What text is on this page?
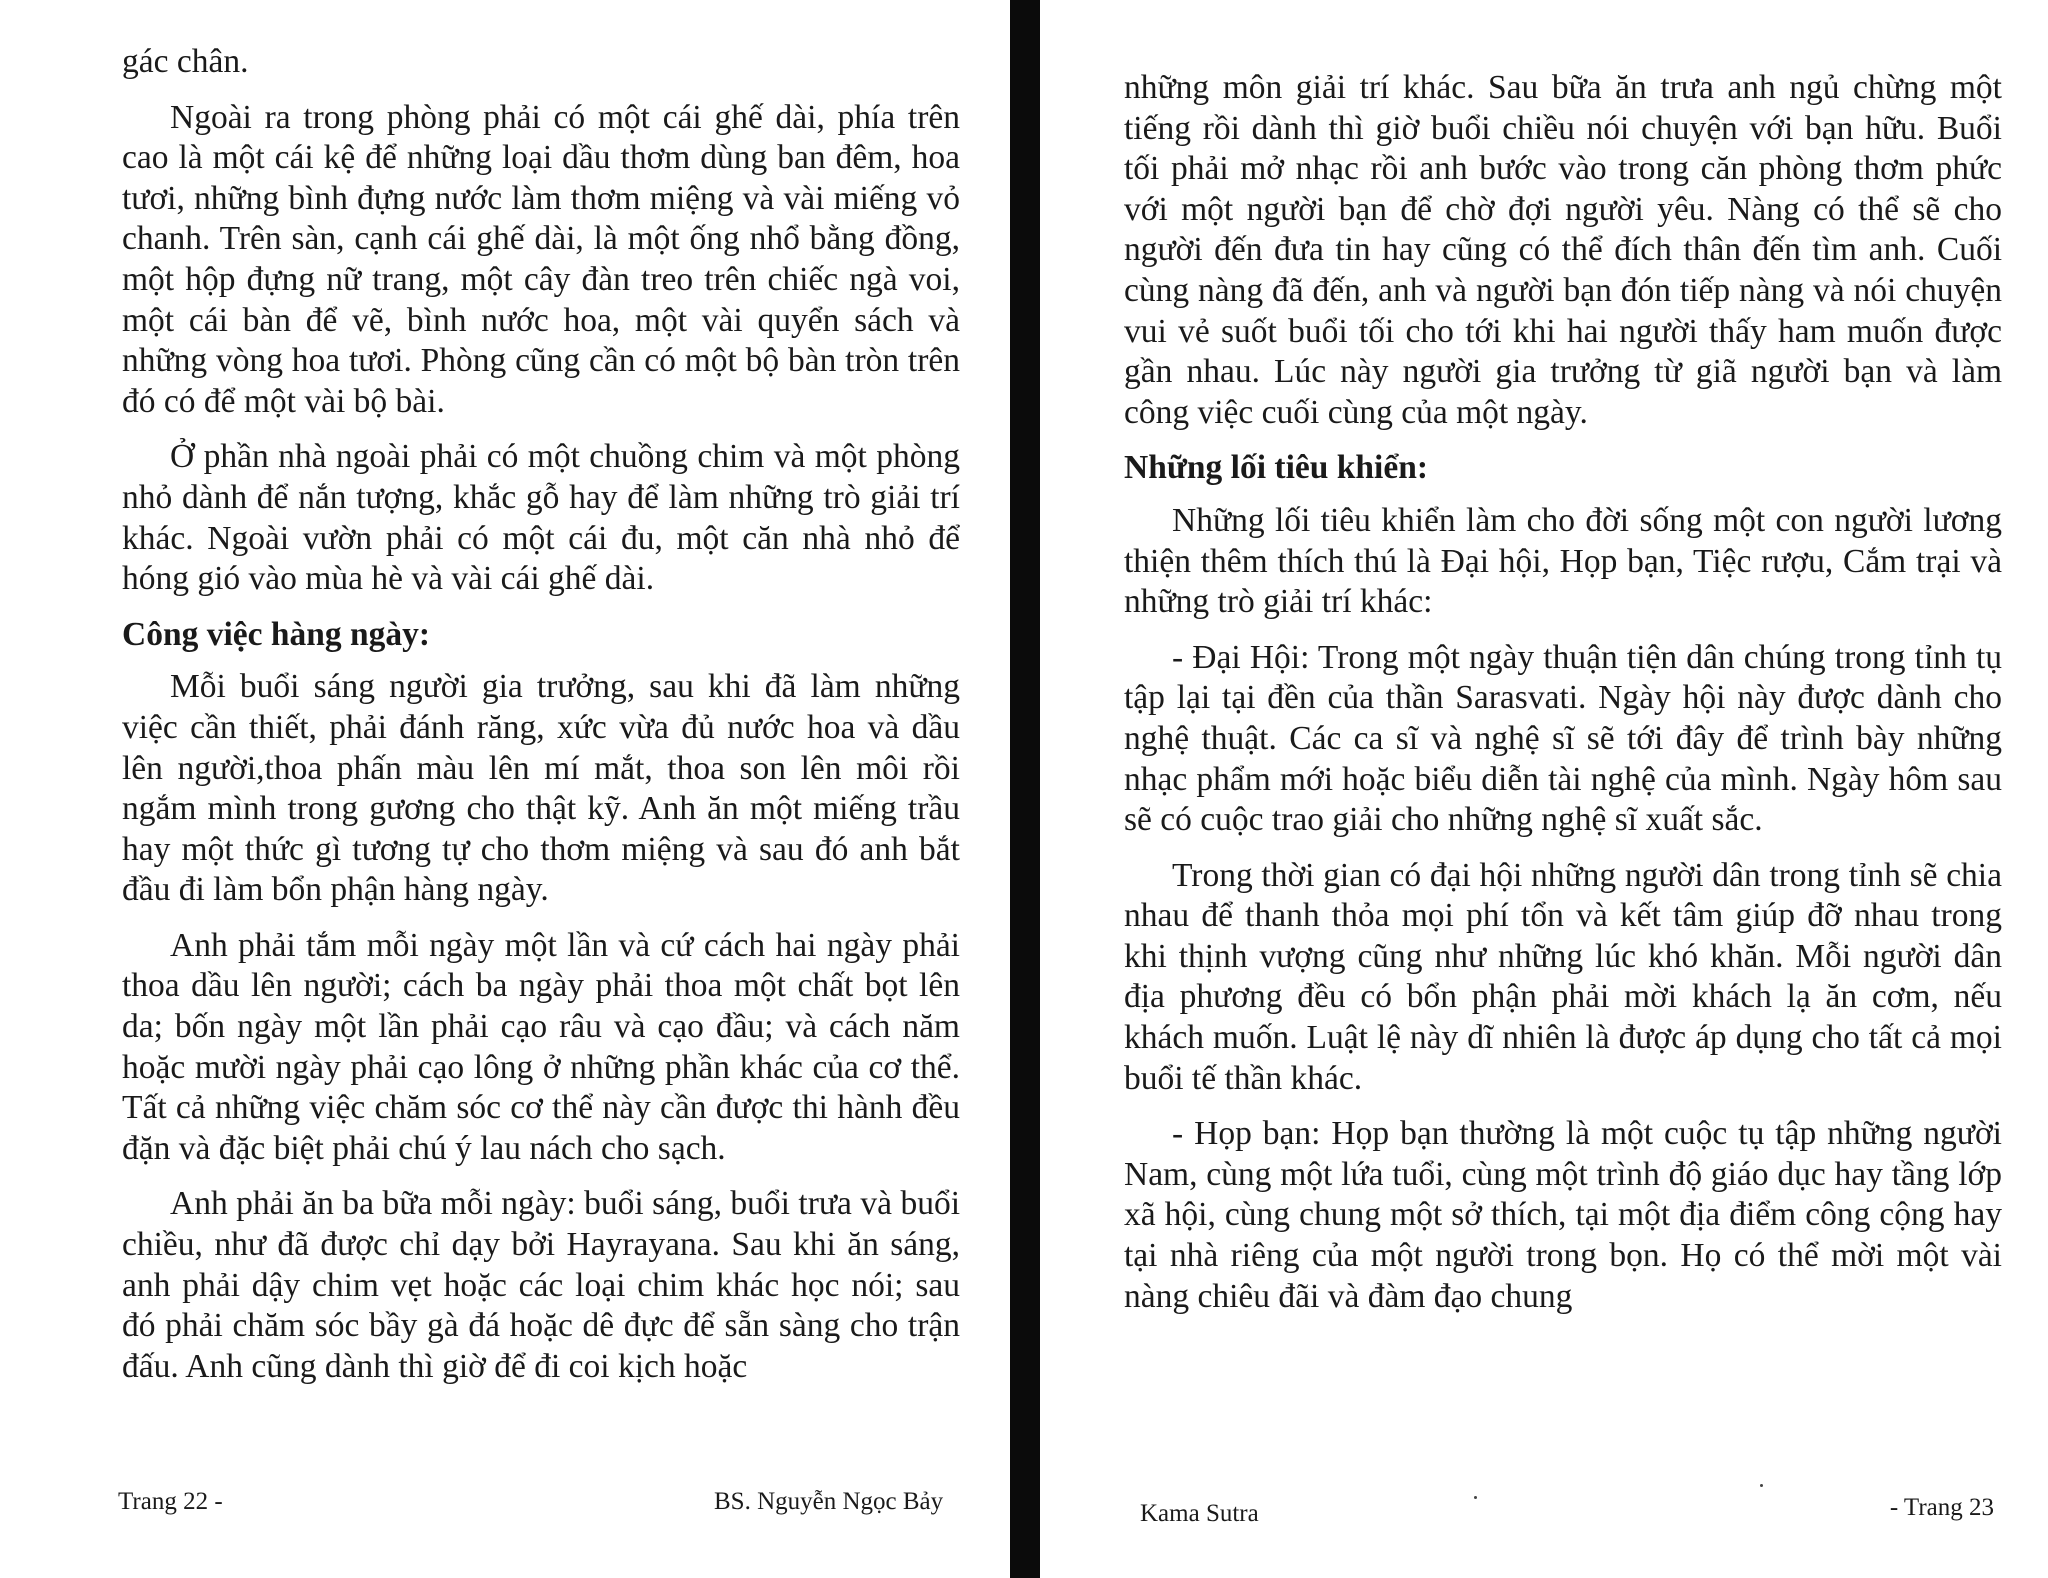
gác chân.

Ngoài ra trong phòng phải có một cái ghế dài, phía trên cao là một cái kệ để những loại dầu thơm dùng ban đêm, hoa tươi, những bình đựng nước làm thơm miệng và vài miếng vỏ chanh. Trên sàn, cạnh cái ghế dài, là một ống nhổ bằng đồng, một hộp đựng nữ trang, một cây đàn treo trên chiếc ngà voi, một cái bàn để vẽ, bình nước hoa, một vài quyển sách và những vòng hoa tươi. Phòng cũng cần có một bộ bàn tròn trên đó có để một vài bộ bài.

Ở phần nhà ngoài phải có một chuồng chim và một phòng nhỏ dành để nắn tượng, khắc gỗ hay để làm những trò giải trí khác. Ngoài vườn phải có một cái đu, một căn nhà nhỏ để hóng gió vào mùa hè và vài cái ghế dài.

Công việc hàng ngày:

Mỗi buổi sáng người gia trưởng, sau khi đã làm những việc cần thiết, phải đánh răng, xức vừa đủ nước hoa và dầu lên người,thoa phấn màu lên mí mắt, thoa son lên môi rồi ngắm mình trong gương cho thật kỹ. Anh ăn một miếng trầu hay một thức gì tương tự cho thơm miệng và sau đó anh bắt đầu đi làm bổn phận hàng ngày.

Anh phải tắm mỗi ngày một lần và cứ cách hai ngày phải thoa dầu lên người; cách ba ngày phải thoa một chất bọt lên da; bốn ngày một lần phải cạo râu và cạo đầu; và cách năm hoặc mười ngày phải cạo lông ở những phần khác của cơ thể. Tất cả những việc chăm sóc cơ thể này cần được thi hành đều đặn và đặc biệt phải chú ý lau nách cho sạch.

Anh phải ăn ba bữa mỗi ngày: buổi sáng, buổi trưa và buổi chiều, như đã được chỉ dạy bởi Hayrayana. Sau khi ăn sáng, anh phải dậy chim vẹt hoặc các loại chim khác học nói; sau đó phải chăm sóc bầy gà đá hoặc dê đực để sẵn sàng cho trận đấu. Anh cũng dành thì giờ để đi coi kịch hoặc

Trang 22 -	BS. Nguyễn Ngọc Bảy

những môn giải trí khác. Sau bữa ăn trưa anh ngủ chừng một tiếng rồi dành thì giờ buổi chiều nói chuyện với bạn hữu. Buổi tối phải mở nhạc rồi anh bước vào trong căn phòng thơm phức với một người bạn để chờ đợi người yêu. Nàng có thể sẽ cho người đến đưa tin hay cũng có thể đích thân đến tìm anh. Cuối cùng nàng đã đến, anh và người bạn đón tiếp nàng và nói chuyện vui vẻ suốt buổi tối cho tới khi hai người thấy ham muốn được gần nhau. Lúc này người gia trưởng từ giã người bạn và làm công việc cuối cùng của một ngày.

Những lối tiêu khiển:

Những lối tiêu khiển làm cho đời sống một con người lương thiện thêm thích thú là Đại hội, Họp bạn, Tiệc rượu, Cắm trại và những trò giải trí khác:

- Đại Hội: Trong một ngày thuận tiện dân chúng trong tỉnh tụ tập lại tại đền của thần Sarasvati. Ngày hội này được dành cho nghệ thuật. Các ca sĩ và nghệ sĩ sẽ tới đây để trình bày những nhạc phẩm mới hoặc biểu diễn tài nghệ của mình. Ngày hôm sau sẽ có cuộc trao giải cho những nghệ sĩ xuất sắc.

Trong thời gian có đại hội những người dân trong tỉnh sẽ chia nhau để thanh thỏa mọi phí tổn và kết tâm giúp đỡ nhau trong khi thịnh vượng cũng như những lúc khó khăn. Mỗi người dân địa phương đều có bổn phận phải mời khách lạ ăn cơm, nếu khách muốn. Luật lệ này dĩ nhiên là được áp dụng cho tất cả mọi buổi tế thần khác.

- Họp bạn: Họp bạn thường là một cuộc tụ tập những người Nam, cùng một lứa tuổi, cùng một trình độ giáo dục hay tầng lớp xã hội, cùng chung một sở thích, tại một địa điểm công cộng hay tại nhà riêng của một người trong bọn. Họ có thể mời một vài nàng chiêu đãi và đàm đạo chung

Kama Sutra	- Trang 23
